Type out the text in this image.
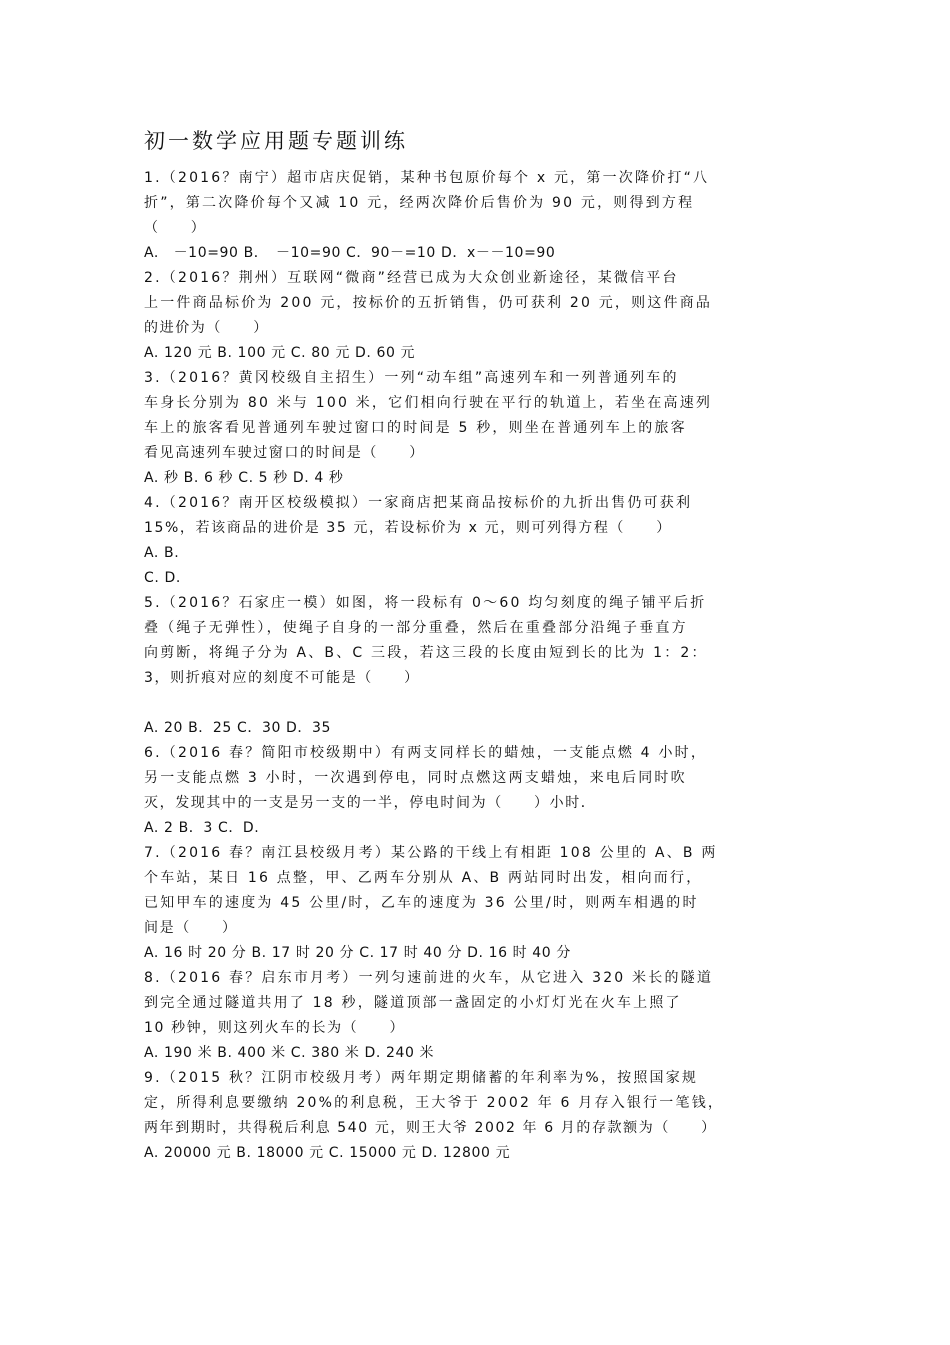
初一数学应用题专题训练
1.（2016？南宁）超市店庆促销，某种书包原价每个 x 元，第一次降价打“八
折”，第二次降价每个又减 10 元，经两次降价后售价为 90 元，则得到方程
（　　）
A.　－10=90 B．　－10=90 C．90－=10 D．x－－10=90
2.（2016？荆州）互联网“微商”经营已成为大众创业新途径，某微信平台
上一件商品标价为 200 元，按标价的五折销售，仍可获利 20 元，则这件商品
的进价为（　　）
A. 120 元 B. 100 元 C. 80 元 D. 60 元
3.（2016？黄冈校级自主招生）一列“动车组”高速列车和一列普通列车的
车身长分别为 80 米与 100 米，它们相向行驶在平行的轨道上，若坐在高速列
车上的旅客看见普通列车驶过窗口的时间是 5 秒，则坐在普通列车上的旅客
看见高速列车驶过窗口的时间是（　　）
A. 秒 B. 6 秒 C. 5 秒 D. 4 秒
4.（2016？南开区校级模拟）一家商店把某商品按标价的九折出售仍可获利
15%，若该商品的进价是 35 元，若设标价为 x 元，则可列得方程（　　）
A. B.
C. D.
5.（2016？石家庄一模）如图，将一段标有 0～60 均匀刻度的绳子铺平后折
叠（绳子无弹性），使绳子自身的一部分重叠，然后在重叠部分沿绳子垂直方
向剪断，将绳子分为 A、B、C 三段，若这三段的长度由短到长的比为 1：2：
3，则折痕对应的刻度不可能是（　　）
A. 20 B．25 C．30 D．35
6.（2016 春？简阳市校级期中）有两支同样长的蜡烛，一支能点燃 4 小时，
另一支能点燃 3 小时，一次遇到停电，同时点燃这两支蜡烛，来电后同时吹
灭，发现其中的一支是另一支的一半，停电时间为（　　）小时．
A. 2 B．3 C．D.
7.（2016 春？南江县校级月考）某公路的干线上有相距 108 公里的 A、B 两
个车站，某日 16 点整，甲、乙两车分别从 A、B 两站同时出发，相向而行，
已知甲车的速度为 45 公里/时，乙车的速度为 36 公里/时，则两车相遇的时
间是（　　）
A. 16 时 20 分 B. 17 时 20 分 C. 17 时 40 分 D. 16 时 40 分
8.（2016 春？启东市月考）一列匀速前进的火车，从它进入 320 米长的隧道
到完全通过隧道共用了 18 秒，隧道顶部一盏固定的小灯灯光在火车上照了
10 秒钟，则这列火车的长为（　　）
A. 190 米 B. 400 米 C. 380 米 D. 240 米
9.（2015 秋？江阴市校级月考）两年期定期储蓄的年利率为%，按照国家规
定，所得利息要缴纳 20%的利息税，王大爷于 2002 年 6 月存入银行一笔钱，
两年到期时，共得税后利息 540 元，则王大爷 2002 年 6 月的存款额为（　　）
A. 20000 元 B. 18000 元 C. 15000 元 D. 12800 元
